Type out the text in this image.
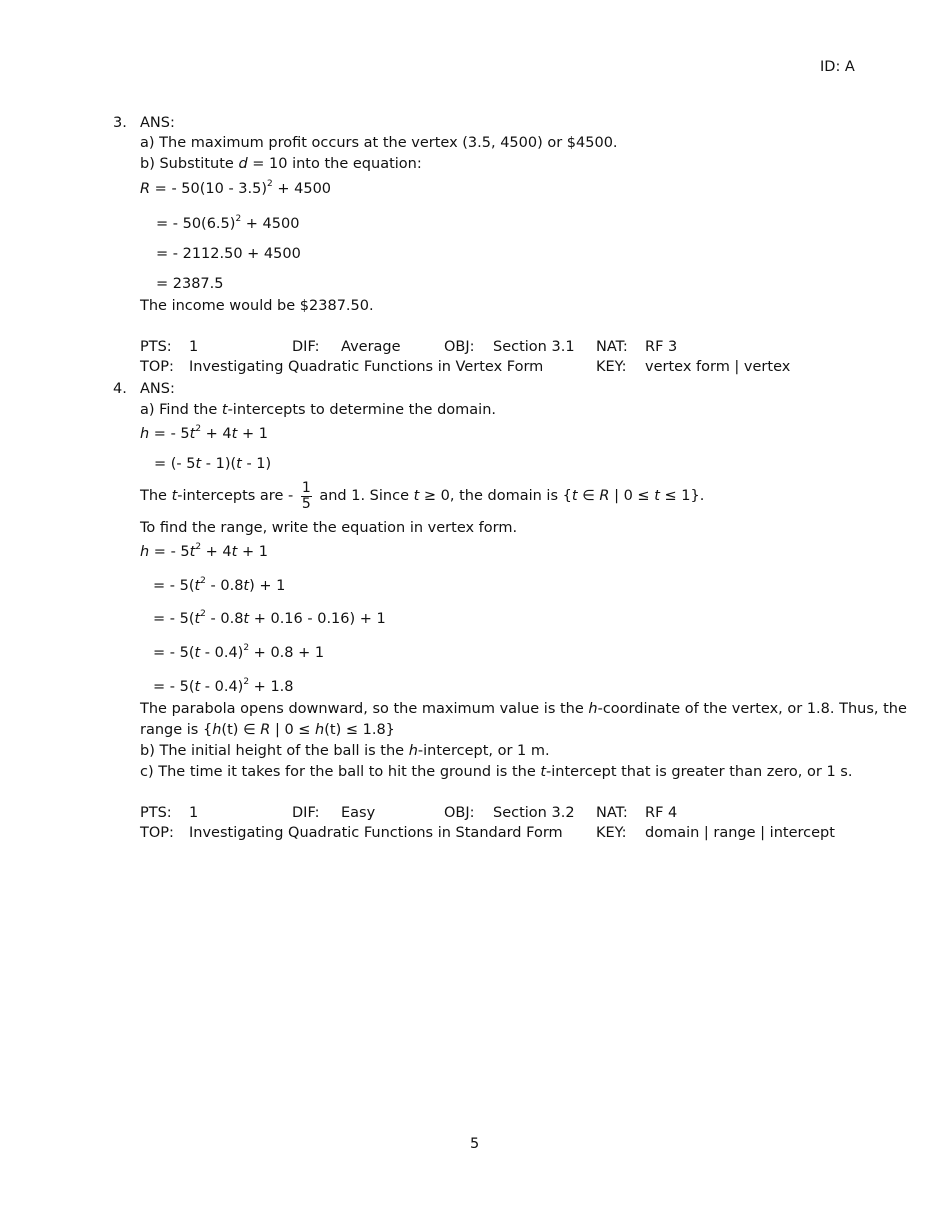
ID: A
3. ANS:
a) The maximum profit occurs at the vertex (3.5, 4500) or $4500.
b) Substitute d = 10 into the equation:
R = - 50(10 - 3.5)$^2$ + 4500
= - $50(6.5)^2 + 4500$
= - 2112.50 + 4500
= 2387.5
The income would be $2387.50.
PTS: 1	DIF: Average	OBJ: Section 3.1 NAT: RF 3
TOP: Investigating Quadratic Functions in Vertex Form	KEY: vertex form | vertex
4. ANS:
a) Find the t-intercepts to determine the domain.
h = - $5t^2 + 4t + 1$
= (- 5t - 1)(t - 1)
The t-intercepts are - $\frac{1}{5}$ and 1. Since t ≥ 0, the domain is {t ∈ R | 0 ≤ t ≤ 1}.
To find the range, write the equation in vertex form.
h = - $5t^2 + 4t + 1$
= - $5(t^2 - 0.8t) + 1$
= - $5(t^2 - 0.8t + 0.16 - 0.16) + 1$
= - 5(t - 0.4)$^2$ + 0.8 + 1
= - 5(t - 0.4)$^2$ + 1.8
The parabola opens downward, so the maximum value is the h-coordinate of the vertex, or 1.8. Thus, the
range is {h(t) ∈ R | 0 ≤ h(t) ≤ 1.8}
b) The initial height of the ball is the h-intercept, or 1 m.
c) The time it takes for the ball to hit the ground is the t-intercept that is greater than zero, or 1 s.
PTS: 1	DIF: Easy	OBJ: Section 3.2 NAT: RF 4
TOP: Investigating Quadratic Functions in Standard Form KEY: domain | range | intercept
5
